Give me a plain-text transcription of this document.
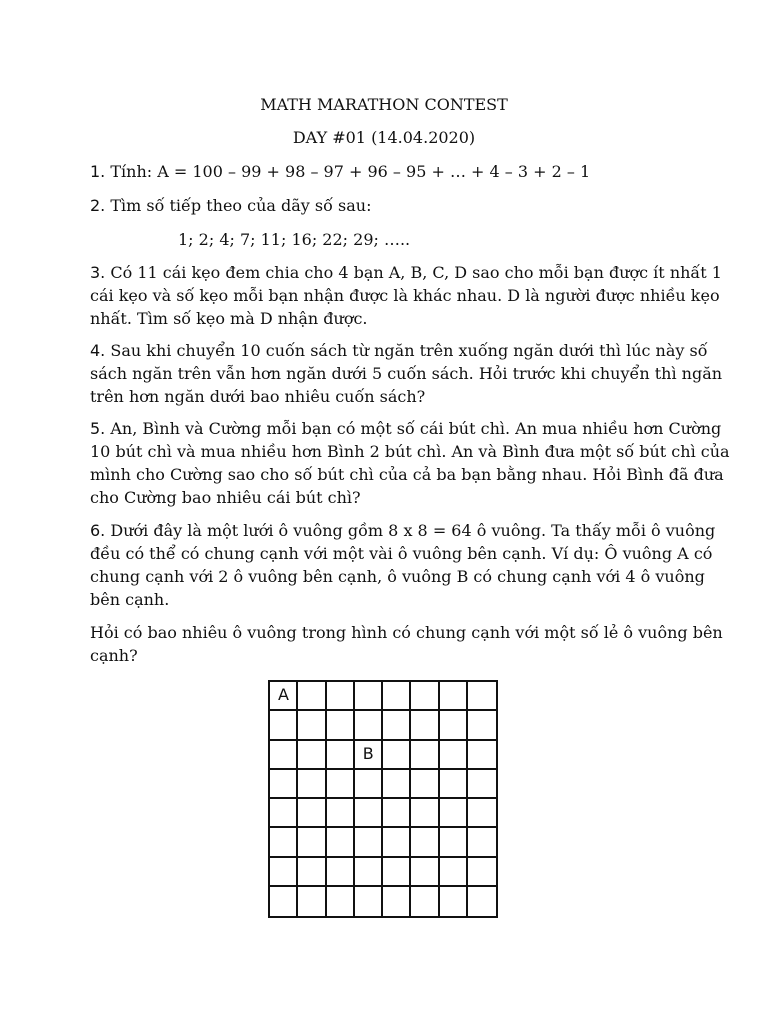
MATH MARATHON CONTEST
DAY #01 (14.04.2020)
1. Tính: A = 100 – 99 + 98 – 97 + 96 – 95 + … + 4 – 3 + 2 – 1
2. Tìm số tiếp theo của dãy số sau:
1; 2; 4; 7; 11; 16; 22; 29; …..
3. Có 11 cái kẹo đem chia cho 4 bạn A, B, C, D sao cho mỗi bạn được ít nhất 1
cái kẹo và số kẹo mỗi bạn nhận được là khác nhau. D là người được nhiều kẹo
nhất. Tìm số kẹo mà D nhận được.
4. Sau khi chuyển 10 cuốn sách từ ngăn trên xuống ngăn dưới thì lúc này số
sách ngăn trên vẫn hơn ngăn dưới 5 cuốn sách. Hỏi trước khi chuyển thì ngăn
trên hơn ngăn dưới bao nhiêu cuốn sách?
5. An, Bình và Cường mỗi bạn có một số cái bút chì. An mua nhiều hơn Cường
10 bút chì và mua nhiều hơn Bình 2 bút chì. An và Bình đưa một số bút chì của
mình cho Cường sao cho số bút chì của cả ba bạn bằng nhau. Hỏi Bình đã đưa
cho Cường bao nhiêu cái bút chì?
6. Dưới đây là một lưới ô vuông gồm 8 x 8 = 64 ô vuông. Ta thấy mỗi ô vuông
đều có thể có chung cạnh với một vài ô vuông bên cạnh. Ví dụ: Ô vuông A có
chung cạnh với 2 ô vuông bên cạnh, ô vuông B có chung cạnh với 4 ô vuông
bên cạnh.
Hỏi có bao nhiêu ô vuông trong hình có chung cạnh với một số lẻ ô vuông bên
cạnh?
A
B
